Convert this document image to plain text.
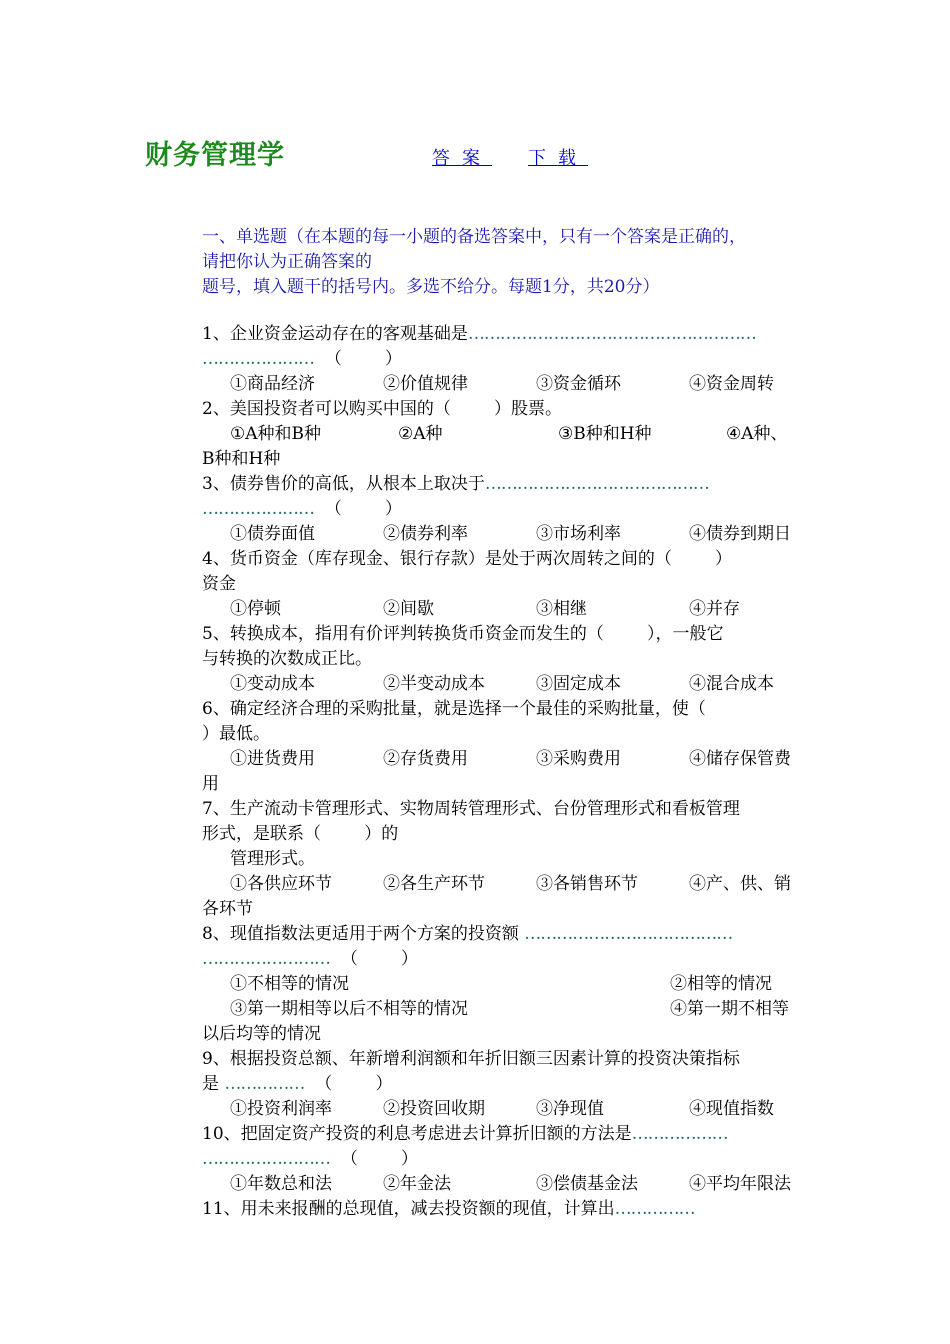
财务管理学	答案 下载
一、单选题（在本题的每一小题的备选答案中，只有一个答案是正确的，
请把你认为正确答案的
题号，填入题干的括号内。多选不给分。每题1分，共20分）
1、企业资金运动存在的客观基础是………………………………………………
………………… （        ）
①商品经济	②价值规律	③资金循环	④资金周转
2、美国投资者可以购买中国的（        ）股票。
①A种和B种	②A种	③B种和H种	④A种、
B种和H种
3、债券售价的高低，从根本上取决于……………………………………
………………… （        ）
①债券面值	②债券利率	③市场利率	④债券到期日
4、货币资金（库存现金、银行存款）是处于两次周转之间的（        ）
资金
①停顿	②间歇	③相继	④并存
5、转换成本，指用有价评判转换货币资金而发生的（        ），一般它
与转换的次数成正比。
①变动成本	②半变动成本	③固定成本	④混合成本
6、确定经济合理的采购批量，就是选择一个最佳的采购批量，使（
）最低。
①进货费用	②存货费用	③采购费用	④储存保管费
用
7、生产流动卡管理形式、实物周转管理形式、台份管理形式和看板管理
形式，是联系（        ）的
管理形式。
①各供应环节	②各生产环节	③各销售环节	④产、供、销
各环节
8、现值指数法更适用于两个方案的投资额 …………………………………
…………………… （        ）
①不相等的情况	②相等的情况
③第一期相等以后不相等的情况	④第一期不相等
以后均等的情况
9、根据投资总额、年新增利润额和年折旧额三因素计算的投资决策指标
是 …………… （        ）
①投资利润率	②投资回收期	③净现值	④现值指数
10、把固定资产投资的利息考虑进去计算折旧额的方法是………………
…………………… （        ）
①年数总和法	②年金法	③偿债基金法	④平均年限法
11、用未来报酬的总现值，减去投资额的现值，计算出……………
